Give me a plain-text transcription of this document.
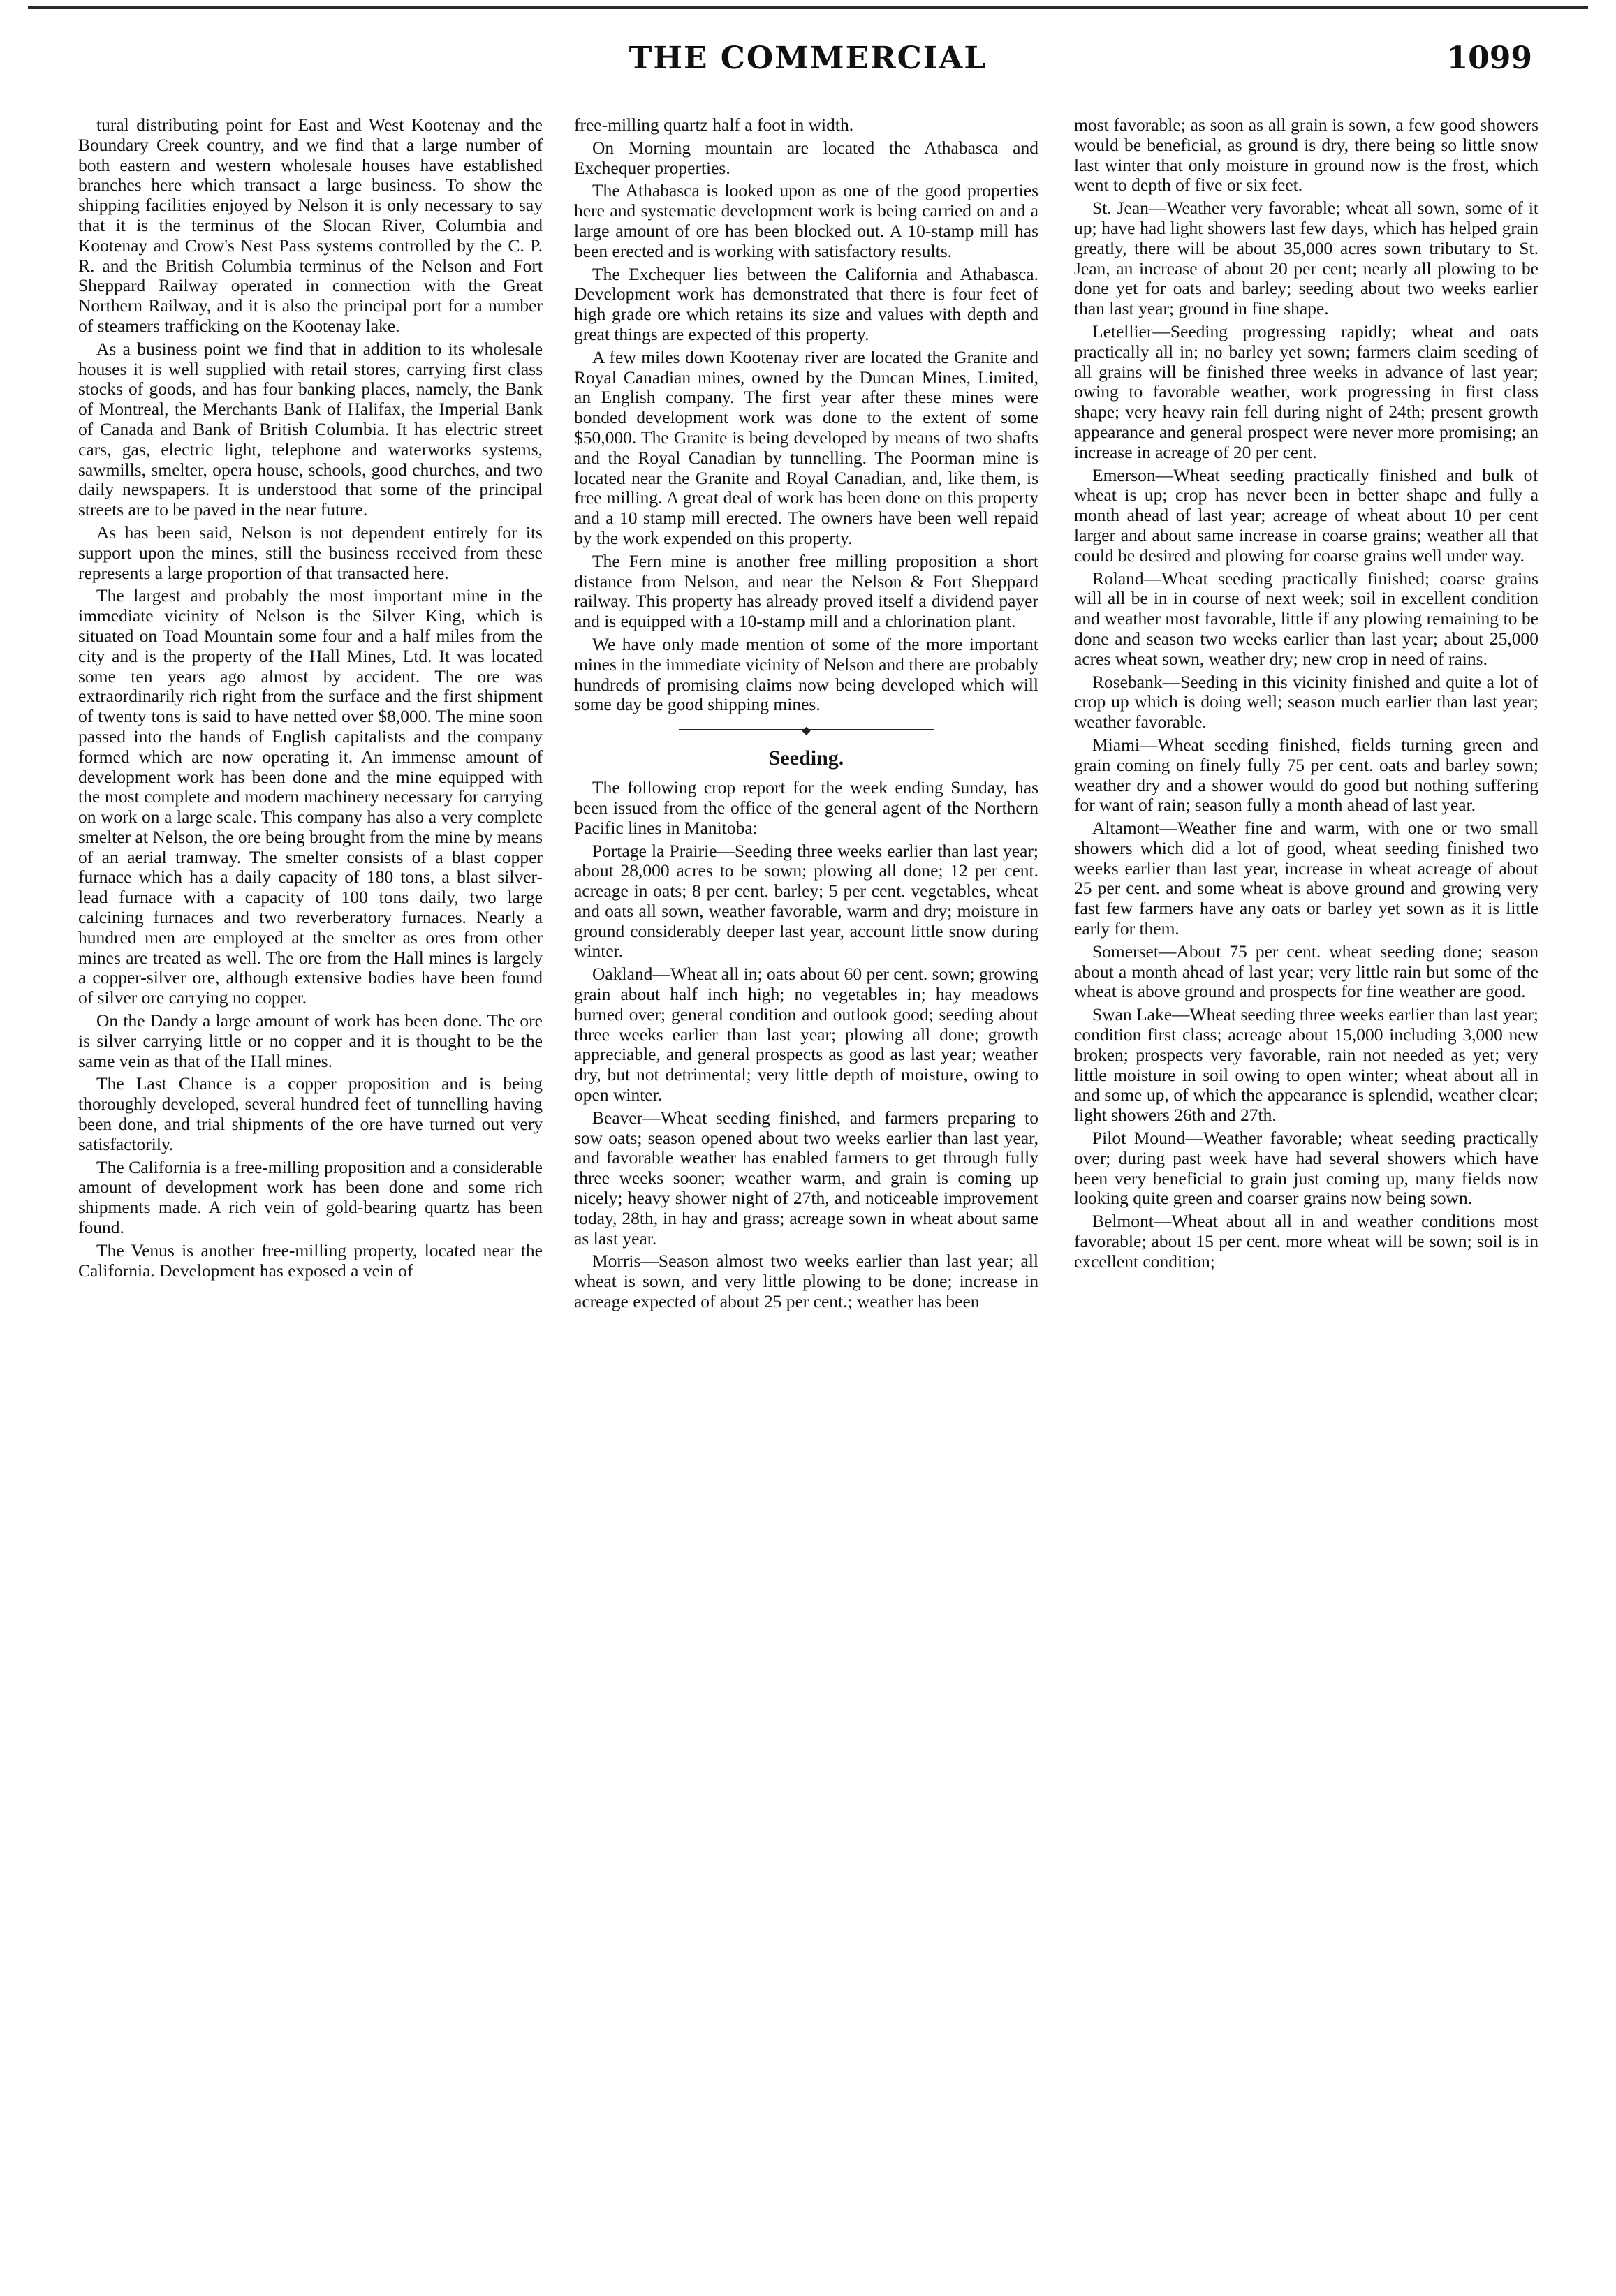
THE COMMERCIAL	1099

tural distributing point for East and West Kootenay and the Boundary Creek country, and we find that a large number of both eastern and western wholesale houses have established branches here which transact a large business. To show the shipping facilities enjoyed by Nelson it is only necessary to say that it is the terminus of the Slocan River, Columbia and Kootenay and Crow's Nest Pass systems controlled by the C. P. R. and the British Columbia terminus of the Nelson and Fort Sheppard Railway operated in connection with the Great Northern Railway, and it is also the principal port for a number of steamers trafficking on the Kootenay lake.

As a business point we find that in addition to its wholesale houses it is well supplied with retail stores, carrying first class stocks of goods, and has four banking places, namely, the Bank of Montreal, the Merchants Bank of Halifax, the Imperial Bank of Canada and Bank of British Columbia. It has electric street cars, gas, electric light, telephone and waterworks systems, sawmills, smelter, opera house, schools, good churches, and two daily newspapers. It is understood that some of the principal streets are to be paved in the near future.

As has been said, Nelson is not dependent entirely for its support upon the mines, still the business received from these represents a large proportion of that transacted here.

The largest and probably the most important mine in the immediate vicinity of Nelson is the Silver King, which is situated on Toad Mountain some four and a half miles from the city and is the property of the Hall Mines, Ltd. It was located some ten years ago almost by accident. The ore was extraordinarily rich right from the surface and the first shipment of twenty tons is said to have netted over $8,000. The mine soon passed into the hands of English capitalists and the company formed which are now operating it. An immense amount of development work has been done and the mine equipped with the most complete and modern machinery necessary for carrying on work on a large scale. This company has also a very complete smelter at Nelson, the ore being brought from the mine by means of an aerial tramway. The smelter consists of a blast copper furnace which has a daily capacity of 180 tons, a blast silver-lead furnace with a capacity of 100 tons daily, two large calcining furnaces and two reverberatory furnaces. Nearly a hundred men are employed at the smelter as ores from other mines are treated as well. The ore from the Hall mines is largely a copper-silver ore, although extensive bodies have been found of silver ore carrying no copper.

On the Dandy a large amount of work has been done. The ore is silver carrying little or no copper and it is thought to be the same vein as that of the Hall mines.

The Last Chance is a copper proposition and is being thoroughly developed, several hundred feet of tunnelling having been done, and trial shipments of the ore have turned out very satisfactorily.

The California is a free-milling proposition and a considerable amount of development work has been done and some rich shipments made. A rich vein of gold-bearing quartz has been found.

The Venus is another free-milling property, located near the California. Development has exposed a vein of

free-milling quartz half a foot in width.

On Morning mountain are located the Athabasca and Exchequer properties.

The Athabasca is looked upon as one of the good properties here and systematic development work is being carried on and a large amount of ore has been blocked out. A 10-stamp mill has been erected and is working with satisfactory results.

The Exchequer lies between the California and Athabasca. Development work has demonstrated that there is four feet of high grade ore which retains its size and values with depth and great things are expected of this property.

A few miles down Kootenay river are located the Granite and Royal Canadian mines, owned by the Duncan Mines, Limited, an English company. The first year after these mines were bonded development work was done to the extent of some $50,000. The Granite is being developed by means of two shafts and the Royal Canadian by tunnelling. The Poorman mine is located near the Granite and Royal Canadian, and, like them, is free milling. A great deal of work has been done on this property and a 10 stamp mill erected. The owners have been well repaid by the work expended on this property.

The Fern mine is another free milling proposition a short distance from Nelson, and near the Nelson & Fort Sheppard railway. This property has already proved itself a dividend payer and is equipped with a 10-stamp mill and a chlorination plant.

We have only made mention of some of the more important mines in the immediate vicinity of Nelson and there are probably hundreds of promising claims now being developed which will some day be good shipping mines.

◆
Seeding.

The following crop report for the week ending Sunday, has been issued from the office of the general agent of the Northern Pacific lines in Manitoba:

Portage la Prairie—Seeding three weeks earlier than last year; about 28,000 acres to be sown; plowing all done; 12 per cent. acreage in oats; 8 per cent. barley; 5 per cent. vegetables, wheat and oats all sown, weather favorable, warm and dry; moisture in ground considerably deeper last year, account little snow during winter.

Oakland—Wheat all in; oats about 60 per cent. sown; growing grain about half inch high; no vegetables in; hay meadows burned over; general condition and outlook good; seeding about three weeks earlier than last year; plowing all done; growth appreciable, and general prospects as good as last year; weather dry, but not detrimental; very little depth of moisture, owing to open winter.

Beaver—Wheat seeding finished, and farmers preparing to sow oats; season opened about two weeks earlier than last year, and favorable weather has enabled farmers to get through fully three weeks sooner; weather warm, and grain is coming up nicely; heavy shower night of 27th, and noticeable improvement today, 28th, in hay and grass; acreage sown in wheat about same as last year.

Morris—Season almost two weeks earlier than last year; all wheat is sown, and very little plowing to be done; increase in acreage expected of about 25 per cent.; weather has been

most favorable; as soon as all grain is sown, a few good showers would be beneficial, as ground is dry, there being so little snow last winter that only moisture in ground now is the frost, which went to depth of five or six feet.

St. Jean—Weather very favorable; wheat all sown, some of it up; have had light showers last few days, which has helped grain greatly, there will be about 35,000 acres sown tributary to St. Jean, an increase of about 20 per cent; nearly all plowing to be done yet for oats and barley; seeding about two weeks earlier than last year; ground in fine shape.

Letellier—Seeding progressing rapidly; wheat and oats practically all in; no barley yet sown; farmers claim seeding of all grains will be finished three weeks in advance of last year; owing to favorable weather, work progressing in first class shape; very heavy rain fell during night of 24th; present growth appearance and general prospect were never more promising; an increase in acreage of 20 per cent.

Emerson—Wheat seeding practically finished and bulk of wheat is up; crop has never been in better shape and fully a month ahead of last year; acreage of wheat about 10 per cent larger and about same increase in coarse grains; weather all that could be desired and plowing for coarse grains well under way.

Roland—Wheat seeding practically finished; coarse grains will all be in in course of next week; soil in excellent condition and weather most favorable, little if any plowing remaining to be done and season two weeks earlier than last year; about 25,000 acres wheat sown, weather dry; new crop in need of rains.

Rosebank—Seeding in this vicinity finished and quite a lot of crop up which is doing well; season much earlier than last year; weather favorable.

Miami—Wheat seeding finished, fields turning green and grain coming on finely fully 75 per cent. oats and barley sown; weather dry and a shower would do good but nothing suffering for want of rain; season fully a month ahead of last year.

Altamont—Weather fine and warm, with one or two small showers which did a lot of good, wheat seeding finished two weeks earlier than last year, increase in wheat acreage of about 25 per cent. and some wheat is above ground and growing very fast few farmers have any oats or barley yet sown as it is little early for them.

Somerset—About 75 per cent. wheat seeding done; season about a month ahead of last year; very little rain but some of the wheat is above ground and prospects for fine weather are good.

Swan Lake—Wheat seeding three weeks earlier than last year; condition first class; acreage about 15,000 including 3,000 new broken; prospects very favorable, rain not needed as yet; very little moisture in soil owing to open winter; wheat about all in and some up, of which the appearance is splendid, weather clear; light showers 26th and 27th.

Pilot Mound—Weather favorable; wheat seeding practically over; during past week have had several showers which have been very beneficial to grain just coming up, many fields now looking quite green and coarser grains now being sown.

Belmont—Wheat about all in and weather conditions most favorable; about 15 per cent. more wheat will be sown; soil is in excellent condition;
